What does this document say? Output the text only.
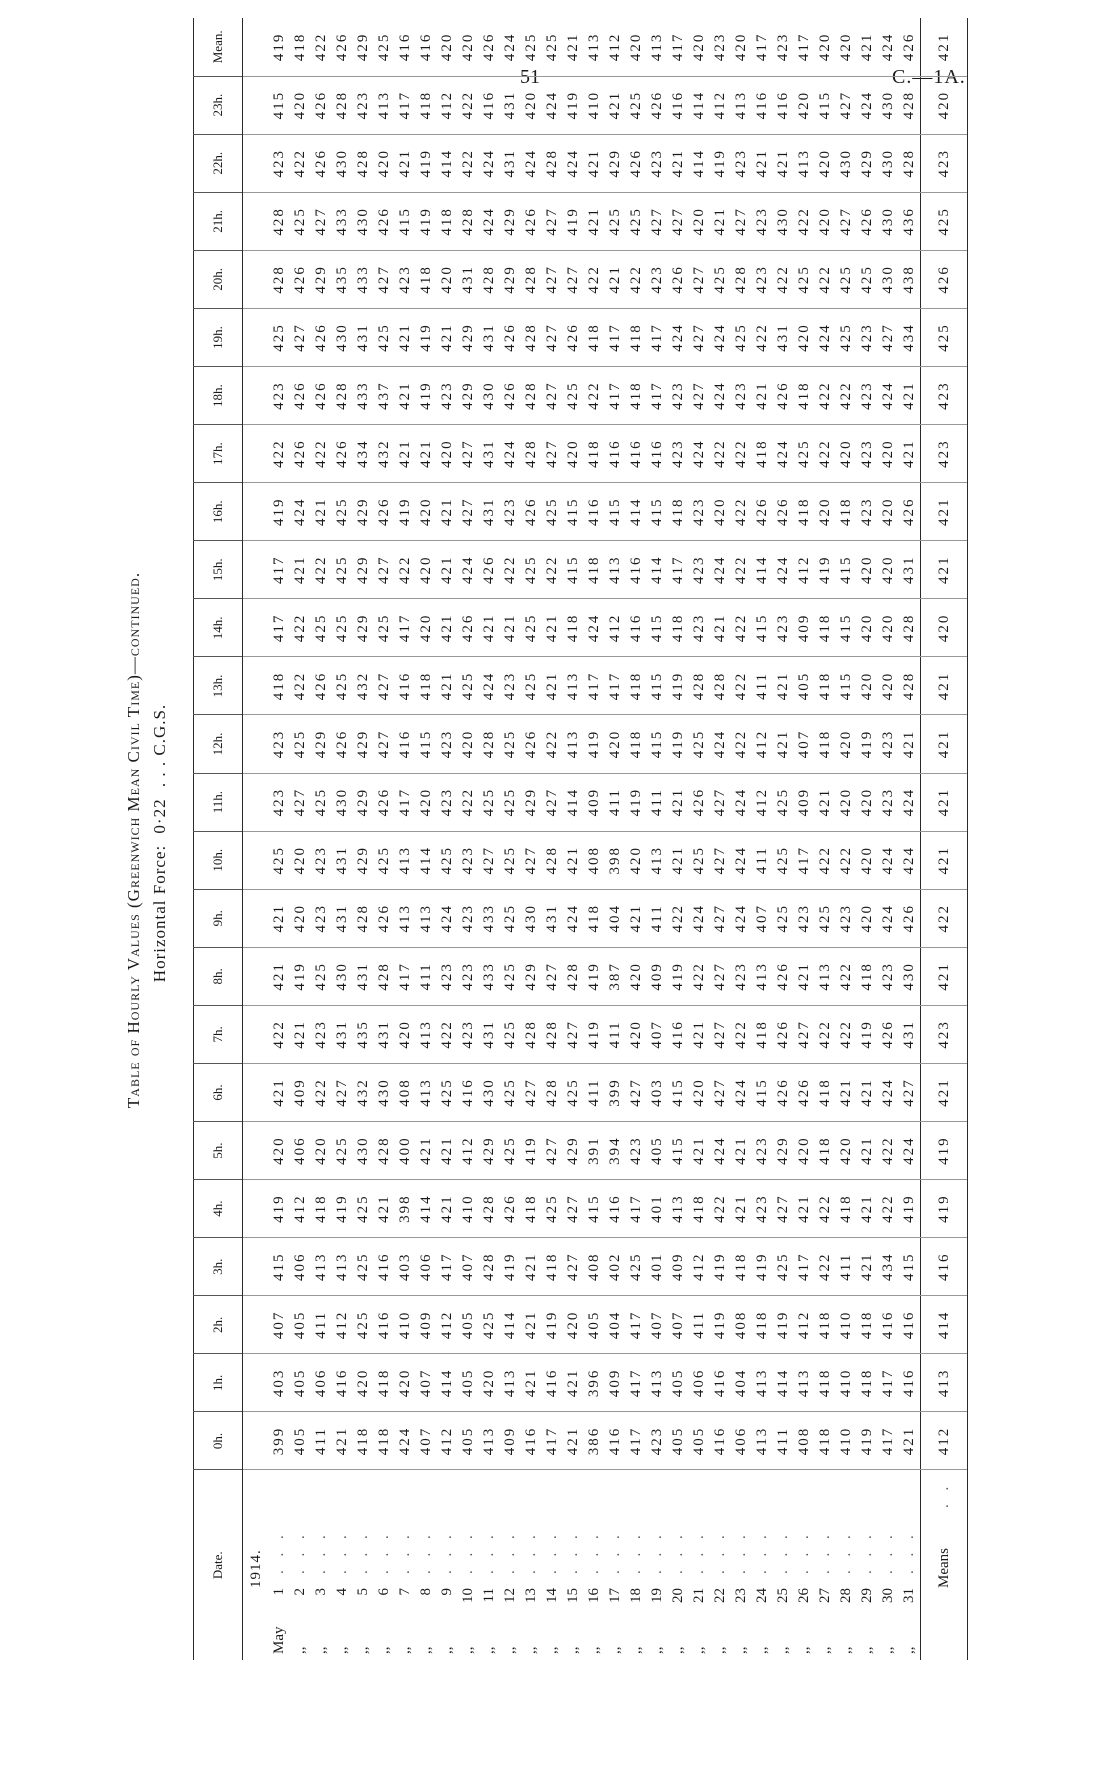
51	C.—1A.
Table of Hourly Values (Greenwich Mean Civil Time)—continued. Horizontal Force: 0·22 . . . C.G.S.
Date.	0h.	1h.	2h.	3h.	4h.	5h.	6h.	7h.	8h.	9h.	10h.	11h.	12h.	13h.	14h.	15h.	16h.	17h.	18h.	19h.	20h.	21h.	22h.	23h.	Mean.
1914.																									
May1. . .	399	403	407	415	419	420	421	422	421	421	425	423	423	418	417	417	419	422	423	425	428	428	423	415	419
,,2. . .	405	405	405	406	412	406	409	421	419	420	420	427	425	422	422	421	424	426	426	427	426	425	422	420	418
,,3. . .	411	406	411	413	418	420	422	423	425	423	423	425	429	426	425	422	421	422	426	426	429	427	426	426	422
,,4. . .	421	416	412	413	419	425	427	431	430	431	431	430	426	425	425	425	425	426	428	430	435	433	430	428	426
,,5. . .	418	420	425	425	425	430	432	435	431	428	429	429	429	432	429	429	429	434	433	431	433	430	428	423	429
,,6. . .	418	418	416	416	421	428	430	431	428	426	425	426	427	427	425	427	426	432	437	425	427	426	420	413	425
,,7. . .	424	420	410	403	398	400	408	420	417	413	413	417	416	416	417	422	419	421	421	421	423	415	421	417	416
,,8. . .	407	407	409	406	414	421	413	413	411	413	414	420	415	418	420	420	420	421	419	419	418	419	419	418	416
,,9. . .	412	414	412	417	421	421	425	422	423	424	425	423	423	421	421	421	421	420	423	421	420	418	414	412	420
,,10. . .	405	405	405	407	410	412	416	423	423	423	423	422	420	425	426	424	427	427	429	429	431	428	422	422	420
,,11. . .	413	420	425	428	428	429	430	431	433	433	427	425	428	424	421	426	431	431	430	431	428	424	424	416	426
,,12. . .	409	413	414	419	426	425	425	425	425	425	425	425	425	423	421	422	423	424	426	426	429	429	431	431	424
,,13. . .	416	421	421	421	418	419	427	428	429	430	427	429	426	425	425	425	426	428	428	428	428	426	424	420	425
,,14. . .	417	416	419	418	425	427	428	428	427	431	428	427	422	421	421	422	425	427	427	427	427	427	428	424	425
,,15. . .	421	421	420	427	427	429	425	427	428	424	421	414	413	413	418	415	415	420	425	426	427	419	424	419	421
,,16. . .	386	396	405	408	415	391	411	419	419	418	408	409	419	417	424	418	416	418	422	418	422	421	421	410	413
,,17. . .	416	409	404	402	416	394	399	411	387	404	398	411	420	417	412	413	415	416	417	417	421	425	429	421	412
,,18. . .	417	417	417	425	417	423	427	420	420	421	420	419	418	418	416	416	414	416	418	418	422	425	426	425	420
,,19. . .	423	413	407	401	401	405	403	407	409	411	413	411	415	415	415	414	415	416	417	417	423	427	423	426	413
,,20. . .	405	405	407	409	413	415	415	416	419	422	421	421	419	419	418	417	418	423	423	424	426	427	421	416	417
,,21. . .	405	406	411	412	418	421	420	421	422	424	425	426	425	428	423	423	423	424	427	427	427	420	414	414	420
,,22. . .	416	416	419	419	422	424	427	427	427	427	427	427	424	428	421	424	420	422	424	424	425	421	419	412	423
,,23. . .	406	404	408	418	421	421	424	422	423	424	424	424	422	422	422	422	422	422	423	425	428	427	423	413	420
,,24. . .	413	413	418	419	423	423	415	418	413	407	411	412	412	411	415	414	426	418	421	422	423	423	421	416	417
,,25. . .	411	414	419	425	427	429	426	426	426	425	425	425	421	421	423	424	426	424	426	431	422	430	421	416	423
,,26. . .	408	413	412	417	421	420	426	427	421	423	417	409	407	405	409	412	418	425	418	420	425	422	413	420	417
,,27. . .	418	418	418	422	422	418	418	422	413	425	422	421	418	418	418	419	420	422	422	424	422	420	420	415	420
,,28. . .	410	410	410	411	418	420	421	422	422	423	422	420	420	415	415	415	418	420	422	425	425	427	430	427	420
,,29. . .	419	418	418	421	421	421	421	419	418	420	420	420	419	420	420	420	423	423	423	423	425	426	429	424	421
,,30. . .	417	417	416	434	422	422	424	426	423	424	424	423	423	420	420	420	420	420	424	427	430	430	430	430	424
,,31. . .	421	416	416	415	419	424	427	431	430	426	424	424	421	428	428	431	426	421	421	434	438	436	428	428	426
Means. .	412	413	414	416	419	419	421	423	421	422	421	421	421	421	420	421	421	423	423	425	426	425	423	420	421
